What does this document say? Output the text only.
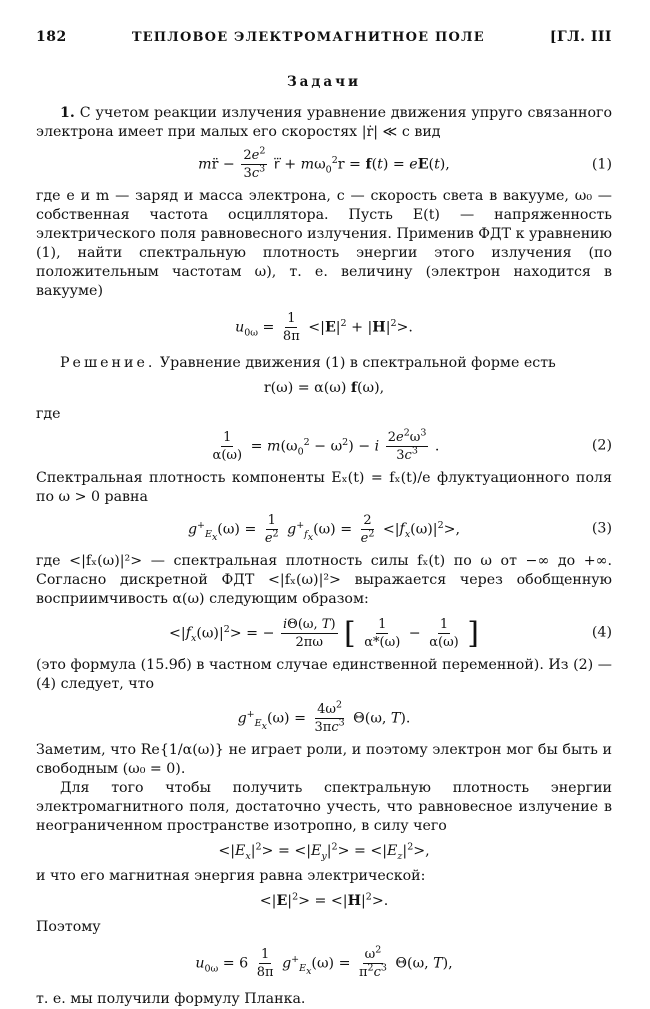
182	ТЕПЛОВОЕ ЭЛЕКТРОМАГНИТНОЕ ПОЛЕ	[ГЛ. III
Задачи

1. С учетом реакции излучения уравнение движения упруго связанного электрона имеет при малых его скоростях |ṙ| ≪ c вид

mr̈ − $\frac{2e^2}{3c^3}$ r⃛ + $m\omega_0^2r = f(t) = eE(t)$,	(1)

где e и m — заряд и масса электрона, c — скорость света в вакууме, ω₀ — собственная частота осциллятора. Пусть E(t) — напряженность электрического поля равновесного излучения. Применив ФДТ к уравнению (1), найти спектральную плотность энергии этого излучения (по положительным частотам ω), т. е. величину (электрон находится в вакууме)

$u_{0\omega} = \frac{1}{8\pi} <|E|^2 + |H|^2>$.

Решение. Уравнение движения (1) в спектральной форме есть

r(ω) = α(ω) f(ω),
где
$\frac{1}{\alpha(\omega)} = m(\omega_0^2 - \omega^2) - i \frac{2e^2\omega^3}{3c^3}$ .	(2)

Спектральная плотность компоненты Eₓ(t) = fₓ(t)/e флуктуационного поля по ω > 0 равна

$g^+_{E_x}(\omega) = \frac{1}{e^2} g^+_{f_x}(\omega) = \frac{2}{e^2} <|f_x(\omega)|^2>$,	(3)

где <|fₓ(ω)|²> — спектральная плотность силы fₓ(t) по ω от −∞ до +∞. Согласно дискретной ФДТ <|fₓ(ω)|²> выражается через обобщенную восприимчивость α(ω) следующим образом:

$<|f_x(\omega)|^2>$ = − $\frac{i\Theta(\omega, T)}{2\pi\omega}$ [ $\frac{1}{\alpha*(\omega)} - \frac{1}{\alpha(\omega)}$ ]	(4)

(это формула (15.9б) в частном случае единственной переменной). Из (2) — (4) следует, что

$g^+_{E_x}(\omega) = \frac{4\omega^2}{3\pi c^3} \Theta(\omega$, T).

Заметим, что Re{1/α(ω)} не играет роли, и поэтому электрон мог бы быть и свободным (ω₀ = 0).

Для того чтобы получить спектральную плотность энергии электромагнитного поля, достаточно учесть, что равновесное излучение в неограниченном пространстве изотропно, в силу чего

$<|E_x|^2> = <|E_y|^2> = <|E_z|^2>$,

и что его магнитная энергия равна электрической:

$<|E|^2> = <|H|^2>$.

Поэтому

$u_{0\omega} = 6 \frac{1}{8\pi} g^+_{E_x}(\omega) = \frac{\omega^2}{\pi^2c^3} \Theta(\omega$, T),

т. е. мы получили формулу Планка.
